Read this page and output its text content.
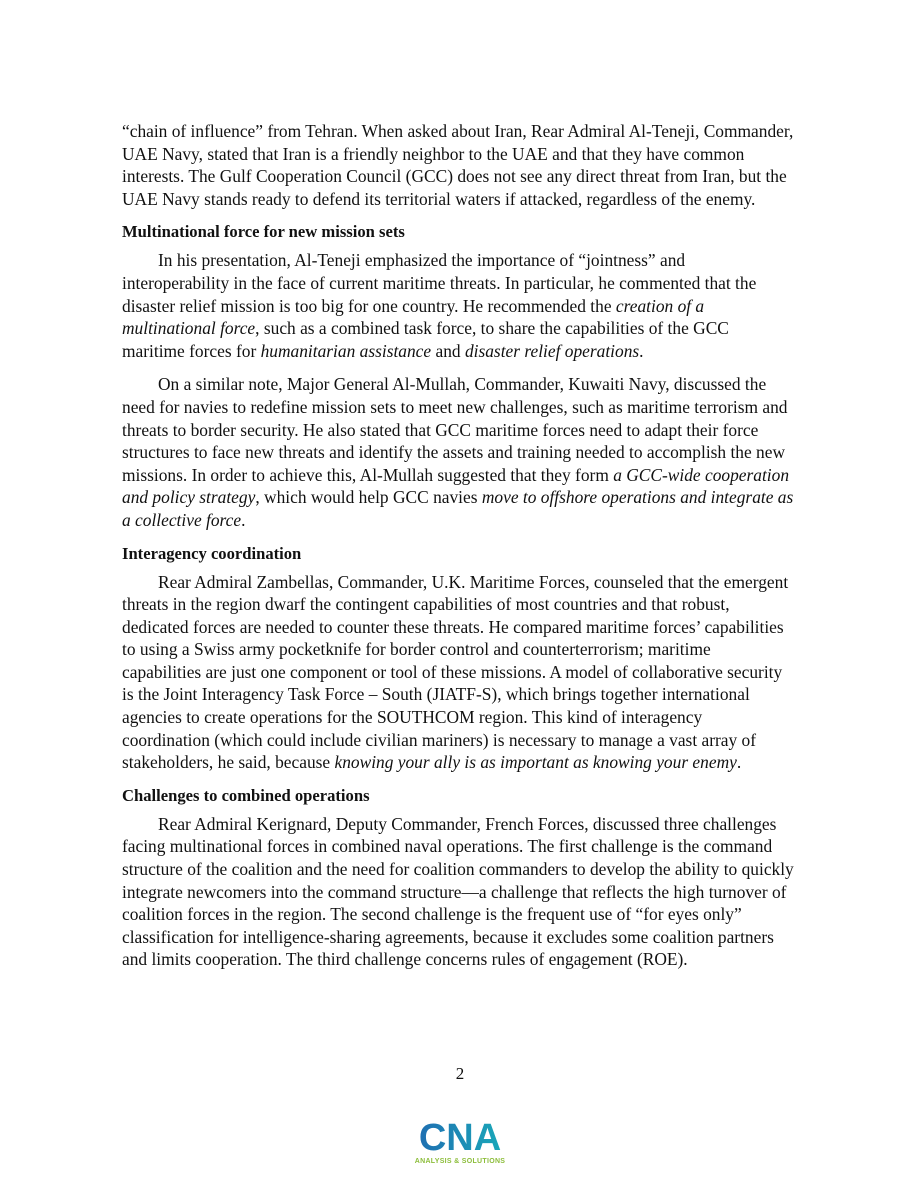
“chain of influence” from Tehran. When asked about Iran, Rear Admiral Al-Teneji, Commander, UAE Navy, stated that Iran is a friendly neighbor to the UAE and that they have common interests. The Gulf Cooperation Council (GCC) does not see any direct threat from Iran, but the UAE Navy stands ready to defend its territorial waters if attacked, regardless of the enemy.

Multinational force for new mission sets

In his presentation, Al-Teneji emphasized the importance of “jointness” and interoperability in the face of current maritime threats. In particular, he commented that the disaster relief mission is too big for one country. He recommended the creation of a multinational force, such as a combined task force, to share the capabilities of the GCC maritime forces for humanitarian assistance and disaster relief operations.

On a similar note, Major General Al-Mullah, Commander, Kuwaiti Navy, discussed the need for navies to redefine mission sets to meet new challenges, such as maritime terrorism and threats to border security. He also stated that GCC maritime forces need to adapt their force structures to face new threats and identify the assets and training needed to accomplish the new missions. In order to achieve this, Al-Mullah suggested that they form a GCC-wide cooperation and policy strategy, which would help GCC navies move to offshore operations and integrate as a collective force.

Interagency coordination

Rear Admiral Zambellas, Commander, U.K. Maritime Forces, counseled that the emergent threats in the region dwarf the contingent capabilities of most countries and that robust, dedicated forces are needed to counter these threats. He compared maritime forces’ capabilities to using a Swiss army pocketknife for border control and counterterrorism; maritime capabilities are just one component or tool of these missions. A model of collaborative security is the Joint Interagency Task Force – South (JIATF-S), which brings together international agencies to create operations for the SOUTHCOM region. This kind of interagency coordination (which could include civilian mariners) is necessary to manage a vast array of stakeholders, he said, because knowing your ally is as important as knowing your enemy.

Challenges to combined operations

Rear Admiral Kerignard, Deputy Commander, French Forces, discussed three challenges facing multinational forces in combined naval operations. The first challenge is the command structure of the coalition and the need for coalition commanders to develop the ability to quickly integrate newcomers into the command structure—a challenge that reflects the high turnover of coalition forces in the region. The second challenge is the frequent use of “for eyes only” classification for intelligence-sharing agreements, because it excludes some coalition partners and limits cooperation. The third challenge concerns rules of engagement (ROE).

2
CNA
ANALYSIS & SOLUTIONS
